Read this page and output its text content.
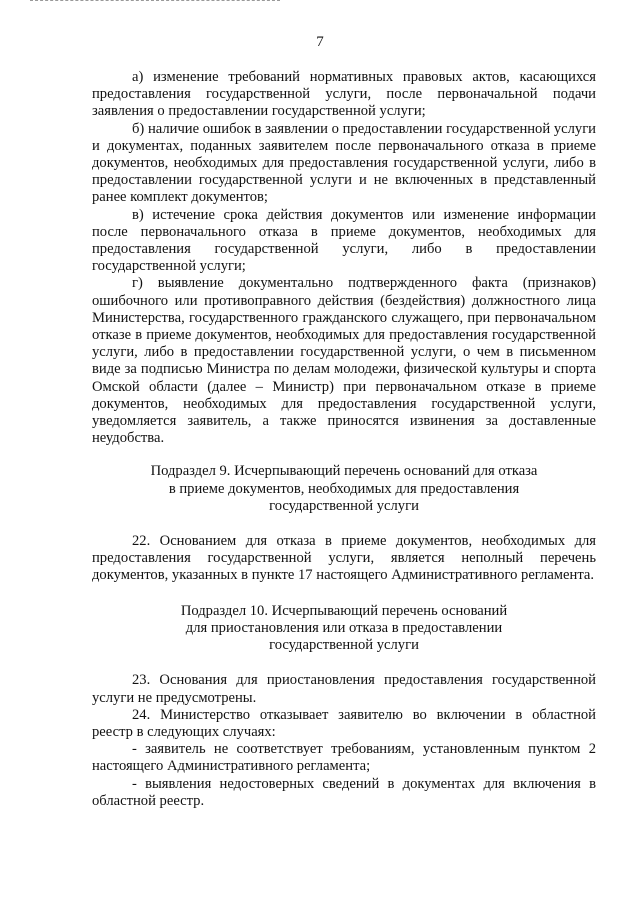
7

а) изменение требований нормативных правовых актов, касающихся предоставления государственной услуги, после первоначальной подачи заявления о предоставлении государственной услуги;

б) наличие ошибок в заявлении о предоставлении государственной услуги и документах, поданных заявителем после первоначального отказа в приеме документов, необходимых для предоставления государственной услуги, либо в предоставлении государственной услуги и не включенных в представленный ранее комплект документов;

в) истечение срока действия документов или изменение информации после первоначального отказа в приеме документов, необходимых для предоставления государственной услуги, либо в предоставлении государственной услуги;

г) выявление документально подтвержденного факта (признаков) ошибочного или противоправного действия (бездействия) должностного лица Министерства, государственного гражданского служащего, при первоначальном отказе в приеме документов, необходимых для предоставления государственной услуги, либо в предоставлении государственной услуги, о чем в письменном виде за подписью Министра по делам молодежи, физической культуры и спорта Омской области (далее – Министр) при первоначальном отказе в приеме документов, необходимых для предоставления государственной услуги, уведомляется заявитель, а также приносятся извинения за доставленные неудобства.

Подраздел 9. Исчерпывающий перечень оснований для отказа
в приеме документов, необходимых для предоставления
государственной услуги

22. Основанием для отказа в приеме документов, необходимых для предоставления государственной услуги, является неполный перечень документов, указанных в пункте 17 настоящего Административного регламента.

Подраздел 10. Исчерпывающий перечень оснований
для приостановления или отказа в предоставлении
государственной услуги

23. Основания для приостановления предоставления государственной услуги не предусмотрены.

24. Министерство отказывает заявителю во включении в областной реестр в следующих случаях:

- заявитель не соответствует требованиям, установленным пунктом 2 настоящего Административного регламента;

- выявления недостоверных сведений в документах для включения в областной реестр.
